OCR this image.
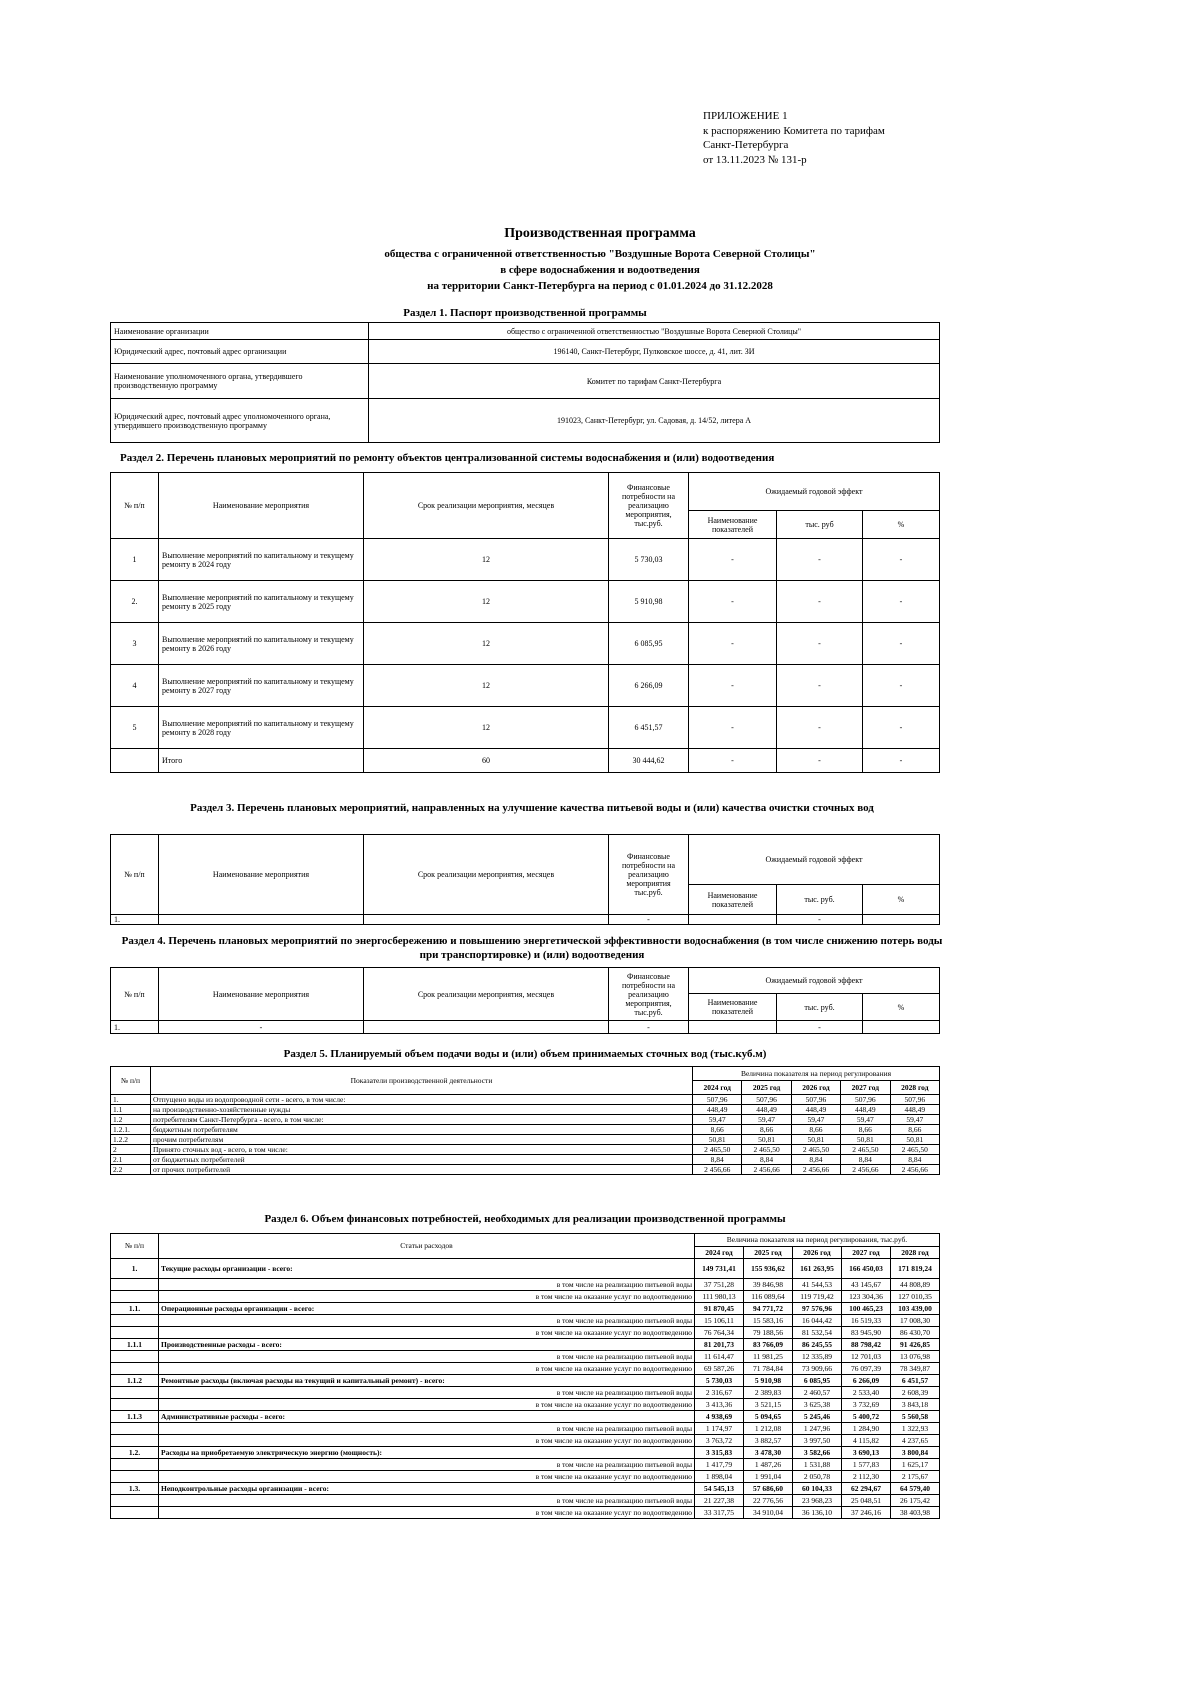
ПРИЛОЖЕНИЕ 1
к распоряжению Комитета по тарифам
Санкт-Петербурга
от 13.11.2023 № 131-р
Производственная программа
общества с ограниченной ответственностью "Воздушные Ворота Северной Столицы"
в сфере водоснабжения и водоотведения
на территории Санкт-Петербурга на период с 01.01.2024 до 31.12.2028
Раздел 1. Паспорт производственной программы
Наименование организации	общество с ограниченной ответственностью "Воздушные Ворота Северной Столицы"
Юридический адрес, почтовый адрес организации	196140, Санкт-Петербург, Пулковское шоссе, д. 41, лит. ЗИ
Наименование уполномоченного органа, утвердившего производственную программу	Комитет по тарифам Санкт-Петербурга
Юридический адрес, почтовый адрес уполномоченного органа, утвердившего производственную программу	191023, Санкт-Петербург, ул. Садовая, д. 14/52, литера А
Раздел 2. Перечень плановых мероприятий по ремонту объектов централизованной системы водоснабжения и (или) водоотведения
№ п/п	Наименование мероприятия	Срок реализации мероприятия, месяцев	Финансовые потребности на реализацию мероприятия, тыс.руб.	Ожидаемый годовой эффект		
				Наименование показателей	тыс. руб	%
1	Выполнение мероприятий по капитальному и текущему ремонту в 2024 году	12	5 730,03	-	-	-
2.	Выполнение мероприятий по капитальному и текущему ремонту в 2025 году	12	5 910,98	-	-	-
3	Выполнение мероприятий по капитальному и текущему ремонту в 2026 году	12	6 085,95	-	-	-
4	Выполнение мероприятий по капитальному и текущему ремонту в 2027 году	12	6 266,09	-	-	-
5	Выполнение мероприятий по капитальному и текущему ремонту в 2028 году	12	6 451,57	-	-	-
	Итого	60	30 444,62	-	-	-
Раздел 3. Перечень плановых мероприятий, направленных на улучшение качества питьевой воды и (или) качества очистки сточных вод
№ п/п	Наименование мероприятия	Срок реализации мероприятия, месяцев	Финансовые потребности на реализацию мероприятия тыс.руб.	Ожидаемый годовой эффект		
				Наименование показателей	тыс. руб.	%
1.			-		-	
Раздел 4. Перечень плановых мероприятий по энергосбережению и повышению энергетической эффективности водоснабжения (в том числе снижению потерь воды при транспортировке) и (или) водоотведения
№ п/п	Наименование мероприятия	Срок реализации мероприятия, месяцев	Финансовые потребности на реализацию мероприятия, тыс.руб.	Ожидаемый годовой эффект		
				Наименование показателей	тыс. руб.	%
1.	-		-		-	
Раздел 5. Планируемый объем подачи воды и (или) объем принимаемых сточных вод (тыс.куб.м)
№ п/п	Показатели производственной деятельности	Величина показателя на период регулирования				
		2024 год	2025 год	2026 год	2027 год	2028 год
1.	Отпущено воды из водопроводной сети - всего, в том числе:	507,96	507,96	507,96	507,96	507,96
1.1	на производственно-хозяйственные нужды	448,49	448,49	448,49	448,49	448,49
1.2	потребителям Санкт-Петербурга - всего, в том числе:	59,47	59,47	59,47	59,47	59,47
1.2.1.	бюджетным потребителям	8,66	8,66	8,66	8,66	8,66
1.2.2	прочим потребителям	50,81	50,81	50,81	50,81	50,81
2	Принято сточных вод - всего, в том числе:	2 465,50	2 465,50	2 465,50	2 465,50	2 465,50
2.1	от бюджетных потребителей	8,84	8,84	8,84	8,84	8,84
2.2	от прочих потребителей	2 456,66	2 456,66	2 456,66	2 456,66	2 456,66
Раздел 6. Объем финансовых потребностей, необходимых для реализации производственной программы
№ п/п	Статьи расходов	Величина показателя на период регулирования, тыс.руб.				
		2024 год	2025 год	2026 год	2027 год	2028 год
1.	Текущие расходы организации - всего:	149 731,41	155 936,62	161 263,95	166 450,03	171 819,24
	в том числе на реализацию питьевой воды	37 751,28	39 846,98	41 544,53	43 145,67	44 808,89
	в том числе на оказание услуг по водоотведению	111 980,13	116 089,64	119 719,42	123 304,36	127 010,35
1.1.	Операционные расходы организации - всего:	91 870,45	94 771,72	97 576,96	100 465,23	103 439,00
	в том числе на реализацию питьевой воды	15 106,11	15 583,16	16 044,42	16 519,33	17 008,30
	в том числе на оказание услуг по водоотведению	76 764,34	79 188,56	81 532,54	83 945,90	86 430,70
1.1.1	Производственные расходы - всего:	81 201,73	83 766,09	86 245,55	88 798,42	91 426,85
	в том числе на реализацию питьевой воды	11 614,47	11 981,25	12 335,89	12 701,03	13 076,98
	в том числе на оказание услуг по водоотведению	69 587,26	71 784,84	73 909,66	76 097,39	78 349,87
1.1.2	Ремонтные расходы (включая расходы на текущий и капитальный ремонт) - всего:	5 730,03	5 910,98	6 085,95	6 266,09	6 451,57
	в том числе на реализацию питьевой воды	2 316,67	2 389,83	2 460,57	2 533,40	2 608,39
	в том числе на оказание услуг по водоотведению	3 413,36	3 521,15	3 625,38	3 732,69	3 843,18
1.1.3	Административные расходы - всего:	4 938,69	5 094,65	5 245,46	5 400,72	5 560,58
	в том числе на реализацию питьевой воды	1 174,97	1 212,08	1 247,96	1 284,90	1 322,93
	в том числе на оказание услуг по водоотведению	3 763,72	3 882,57	3 997,50	4 115,82	4 237,65
1.2.	Расходы на приобретаемую электрическую энергию (мощность):	3 315,83	3 478,30	3 582,66	3 690,13	3 800,84
	в том числе на реализацию питьевой воды	1 417,79	1 487,26	1 531,88	1 577,83	1 625,17
	в том числе на оказание услуг по водоотведению	1 898,04	1 991,04	2 050,78	2 112,30	2 175,67
1.3.	Неподконтрольные расходы организации - всего:	54 545,13	57 686,60	60 104,33	62 294,67	64 579,40
	в том числе на реализацию питьевой воды	21 227,38	22 776,56	23 968,23	25 048,51	26 175,42
	в том числе на оказание услуг по водоотведению	33 317,75	34 910,04	36 136,10	37 246,16	38 403,98
